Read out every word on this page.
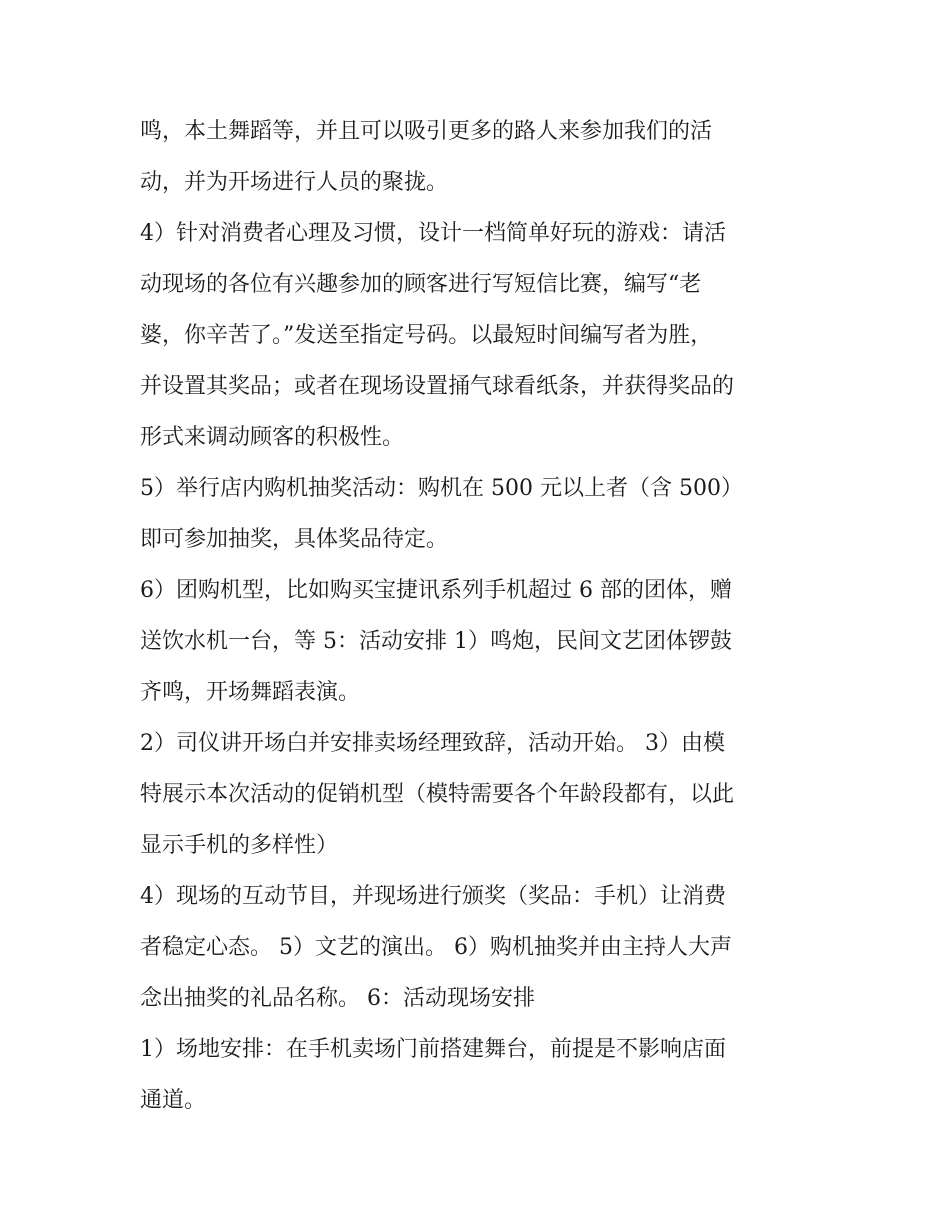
鸣，本土舞蹈等，并且可以吸引更多的路人来参加我们的活
动，并为开场进行人员的聚拢。
4）针对消费者心理及习惯，设计一档简单好玩的游戏：请活
动现场的各位有兴趣参加的顾客进行写短信比赛，编写“老
婆，你辛苦了。”发送至指定号码。以最短时间编写者为胜，
并设置其奖品；或者在现场设置捅气球看纸条，并获得奖品的
形式来调动顾客的积极性。
5）举行店内购机抽奖活动：购机在 500 元以上者（含 500）
即可参加抽奖，具体奖品待定。
6）团购机型，比如购买宝捷讯系列手机超过 6 部的团体，赠
送饮水机一台，等 5：活动安排 1）鸣炮，民间文艺团体锣鼓
齐鸣，开场舞蹈表演。
2）司仪讲开场白并安排卖场经理致辞，活动开始。 3）由模
特展示本次活动的促销机型（模特需要各个年龄段都有，以此
显示手机的多样性）
4）现场的互动节目，并现场进行颁奖（奖品：手机）让消费
者稳定心态。 5）文艺的演出。 6）购机抽奖并由主持人大声
念出抽奖的礼品名称。 6：活动现场安排
1）场地安排：在手机卖场门前搭建舞台，前提是不影响店面
通道。
